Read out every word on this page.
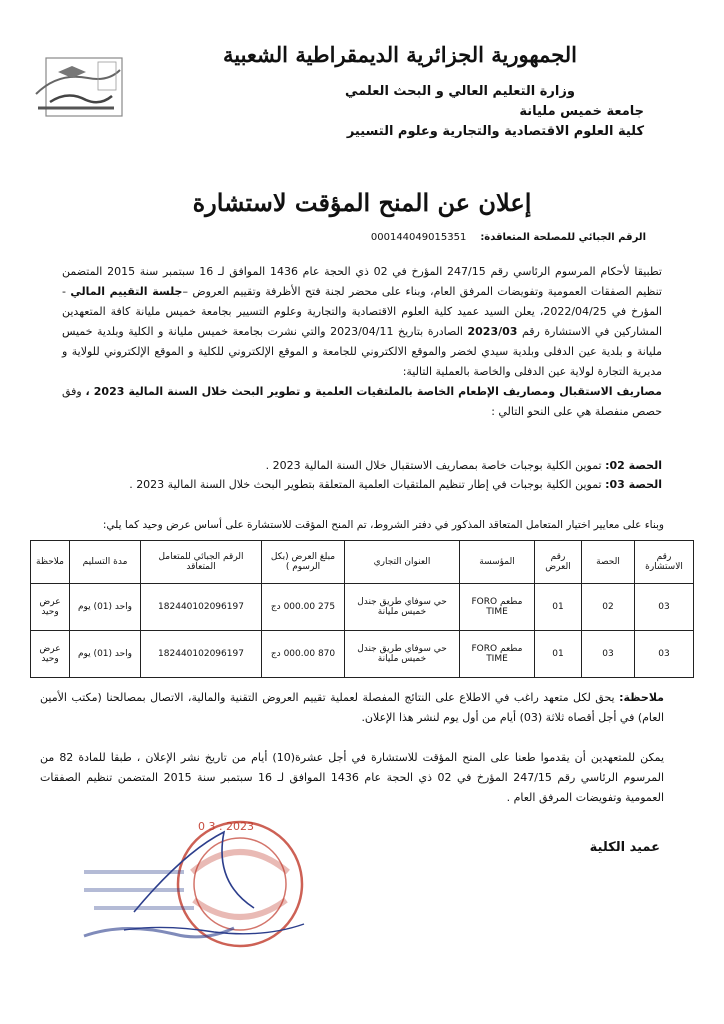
الجمهورية الجزائرية الديمقراطية الشعبية
وزارة التعليم العالي و البحث العلمي
جامعة خميس مليانة
كلية العلوم الاقتصادية والتجارية وعلوم التسيير
إعلان عن المنح المؤقت لاستشارة
الرقم الجبائي للمصلحة المتعاقدة:
000144049015351

تطبيقا لأحكام المرسوم الرئاسي رقم 247/15 المؤرخ في 02 ذي الحجة عام 1436 الموافق لـ 16 سبتمبر سنة 2015 المتضمن تنظيم الصفقات العمومية وتفويضات المرفق العام، وبناء على محضر لجنة فتح الأظرفة وتقييم العروض –جلسة التقييم المالي - المؤرخ في 2022/04/25، يعلن السيد عميد كلية العلوم الاقتصادية والتجارية وعلوم التسيير بجامعة خميس مليانة كافة المتعهدين المشاركين في الاستشارة رقم 2023/03 الصادرة بتاريخ 2023/04/11 والتي نشرت بجامعة خميس مليانة و الكلية وبلدية خميس مليانة و بلدية عين الدفلى وبلدية سيدي لخضر والموقع الالكتروني للجامعة و الموقع الإلكتروني للكلية و الموقع الإلكتروني للولاية و مديرية التجارة لولاية عين الدفلى والخاصة بالعملية التالية:

مصاريف الاستقبال ومصاريف الإطعام الخاصة بالملتقيات العلمية و تطوير البحث خلال السنة المالية 2023 ، وفق حصص منفصلة هي على النحو التالي :

الحصة 02: تموين الكلية بوجبات خاصة بمصاريف الاستقبال خلال السنة المالية 2023 .
الحصة 03: تموين الكلية بوجبات في إطار تنظيم الملتقيات العلمية المتعلقة بتطوير البحث خلال السنة المالية 2023 .
وبناء على معايير اختيار المتعامل المتعاقد المذكور في دفتر الشروط، تم المنح المؤقت للاستشارة على أساس عرض وحيد كما يلي:
رقم الاستشارة	الحصة	رقم العرض	المؤسسة	العنوان التجاري	مبلغ العرض (بكل الرسوم )	الرقم الجبائي للمتعامل المتعاقد	مدة التسليم	ملاحظة
03	02	01	مطعم FORO TIME	حي سوفاي طريق جندل خميس مليانة	275 000.00 دج	182440102096197	واحد (01) يوم	عرض وحيد
03	03	01	مطعم FORO TIME	حي سوفاي طريق جندل خميس مليانة	870 000.00 دج	182440102096197	واحد (01) يوم	عرض وحيد
ملاحظة: يحق لكل متعهد راغب في الاطلاع على النتائج المفصلة لعملية تقييم العروض التقنية والمالية، الاتصال بمصالحنا (مكتب الأمين العام) في أجل أقصاه ثلاثة (03) أيام من أول يوم لنشر هذا الإعلان.
يمكن للمتعهدين أن يقدموا طعنا على المنح المؤقت للاستشارة في أجل عشرة(10) أيام من تاريخ نشر الإعلان ، طبقا للمادة 82 من المرسوم الرئاسي رقم 247/15 المؤرخ في 02 ذي الحجة عام 1436 الموافق لـ 16 سبتمبر سنة 2015 المتضمن تنظيم الصفقات العمومية وتفويضات المرفق العام .
عميد الكلية
2023 . 3 0
